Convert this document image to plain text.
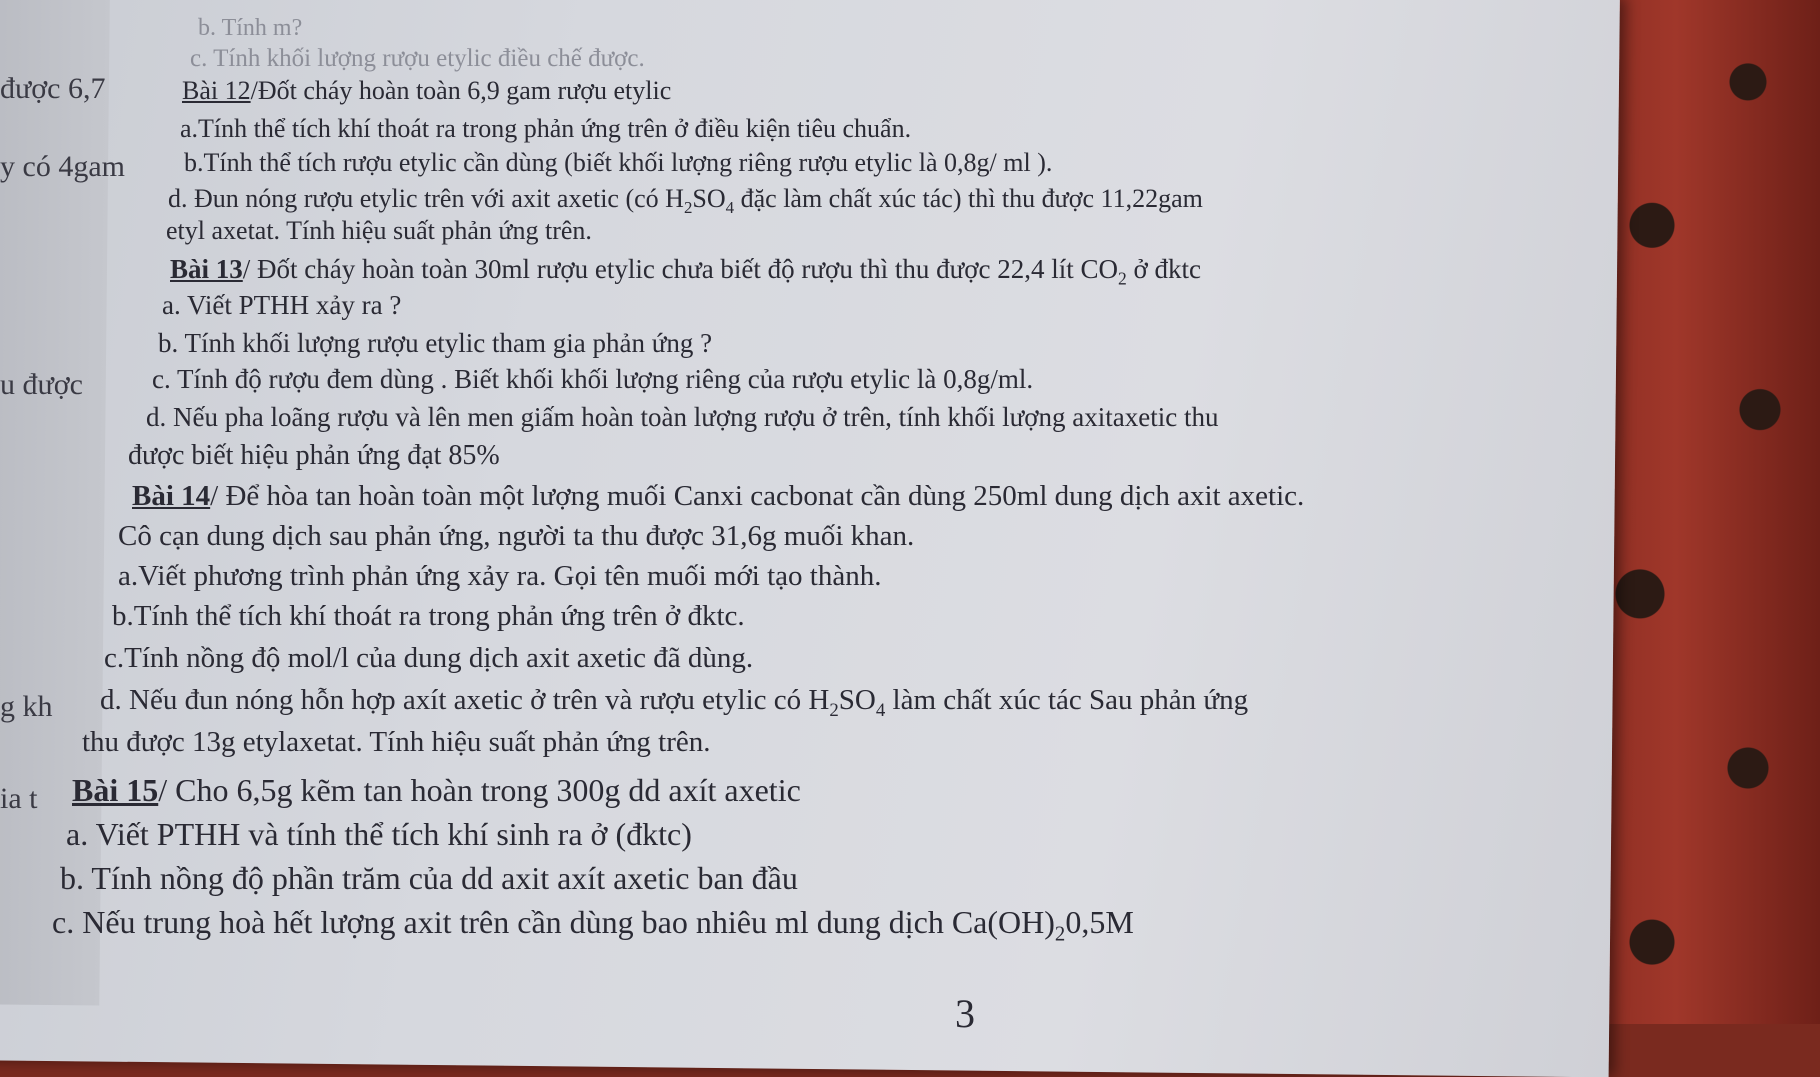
được 6,7
y có 4gam
u được
g kh
ia t
b. Tính m?
c. Tính khối lượng rượu etylic điều chế được.
Bài 12/Đốt cháy hoàn toàn 6,9 gam rượu etylic
a.Tính thể tích khí thoát ra trong phản ứng trên ở điều kiện tiêu chuẩn.
b.Tính thể tích rượu etylic cần dùng (biết khối lượng riêng rượu etylic là 0,8g/ ml ).
d. Đun nóng rượu etylic trên với axit axetic (có $H_2SO_4$ đặc làm chất xúc tác) thì thu được 11,22gam
etyl axetat. Tính hiệu suất phản ứng trên.
Bài 13/ Đốt cháy hoàn toàn 30ml rượu etylic chưa biết độ rượu thì thu được 22,4 lít $CO_2$ ở đktc
a. Viết PTHH xảy ra ?
b. Tính khối lượng rượu etylic tham gia phản ứng ?
c. Tính độ rượu đem dùng . Biết khối khối lượng riêng của rượu etylic là 0,8g/ml.
d. Nếu pha loãng rượu và lên men giấm hoàn toàn lượng rượu ở trên, tính khối lượng axitaxetic thu
được biết hiệu phản ứng đạt 85%
Bài 14/ Để hòa tan hoàn toàn một lượng muối Canxi cacbonat cần dùng 250ml dung dịch axit axetic.
Cô cạn dung dịch sau phản ứng, người ta thu được 31,6g muối khan.
a.Viết phương trình phản ứng xảy ra. Gọi tên muối mới tạo thành.
b.Tính thể tích khí thoát ra trong phản ứng trên ở đktc.
c.Tính nồng độ mol/l của dung dịch axit axetic đã dùng.
d. Nếu đun nóng hỗn hợp axít axetic ở trên và rượu etylic có $H_2SO_4$ làm chất xúc tác Sau phản ứng
thu được 13g etylaxetat. Tính hiệu suất phản ứng trên.
Bài 15/ Cho 6,5g kẽm tan hoàn trong 300g dd axít axetic
a. Viết PTHH và tính thể tích khí sinh ra ở (đktc)
b. Tính nồng độ phần trăm của dd axit axít axetic ban đầu
c. Nếu trung hoà hết lượng axit trên cần dùng bao nhiêu ml dung dịch $Ca(OH)_20,5M$
3
